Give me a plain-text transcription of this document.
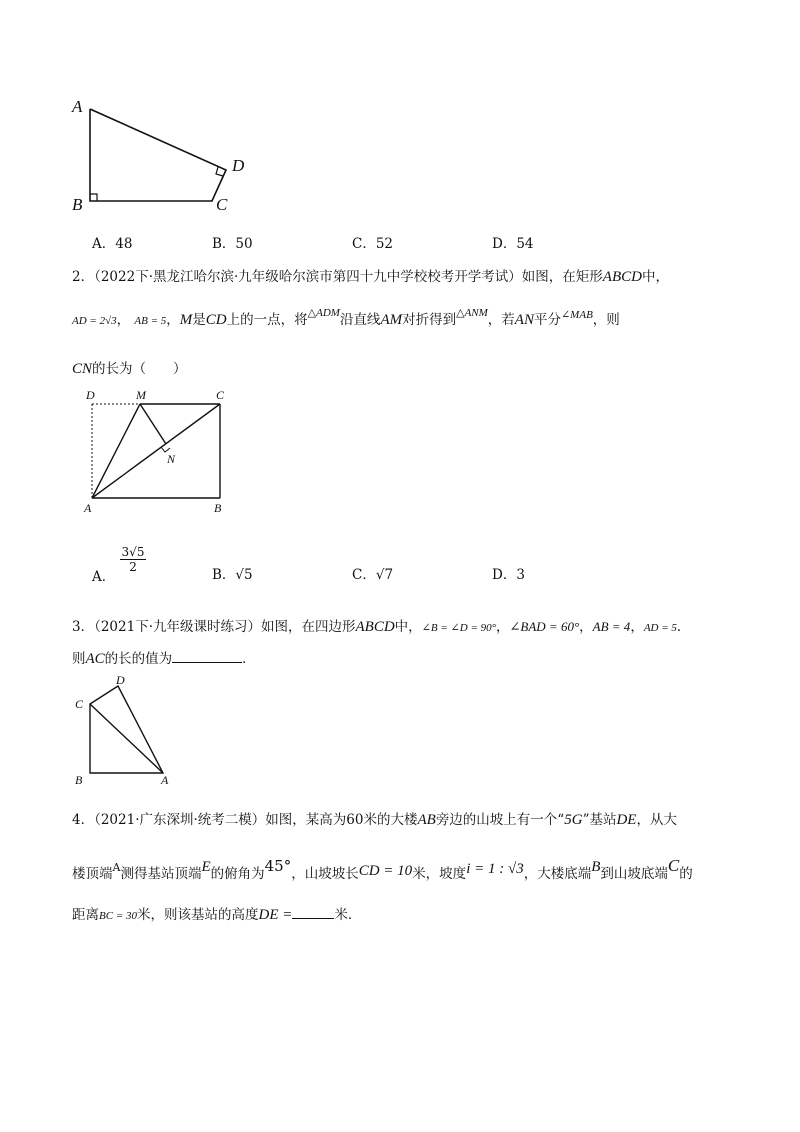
A
B	C
D
A．48	B．50	C．52	D．54
2．（2022下·黑龙江哈尔滨·九年级哈尔滨市第四十九中学校校考开学考试）如图，在矩形ABCD中，
AD = 2√3， AB = 5，M是CD上的一点，将$^{\triangle ADM}$沿直线AM对折得到$^{\triangle ANM}$，若AN平分$^{\angle MAB}$，则
CN的长为（　　）
D	M	C
N
A	B
A．
$\frac{3√5}{2}$
B．√5	C．√7	D．3
3．（2021下·九年级课时练习）如图，在四边形ABCD中，∠B = ∠D = 90°，∠BAD = 60°，AB = 4，AD = 5．
则AC的长的值为	．
D
C
B	A
4．（2021·广东深圳·统考二模）如图，某高为60米的大楼AB旁边的山坡上有一个“5G”基站DE，从大
楼顶端$^A$测得基站顶端E的俯角为45°，山坡坡长CD = 10米，坡度i = 1 : √3，大楼底端B到山坡底端C的
距离BC = 30米，则该基站的高度DE =	米．
